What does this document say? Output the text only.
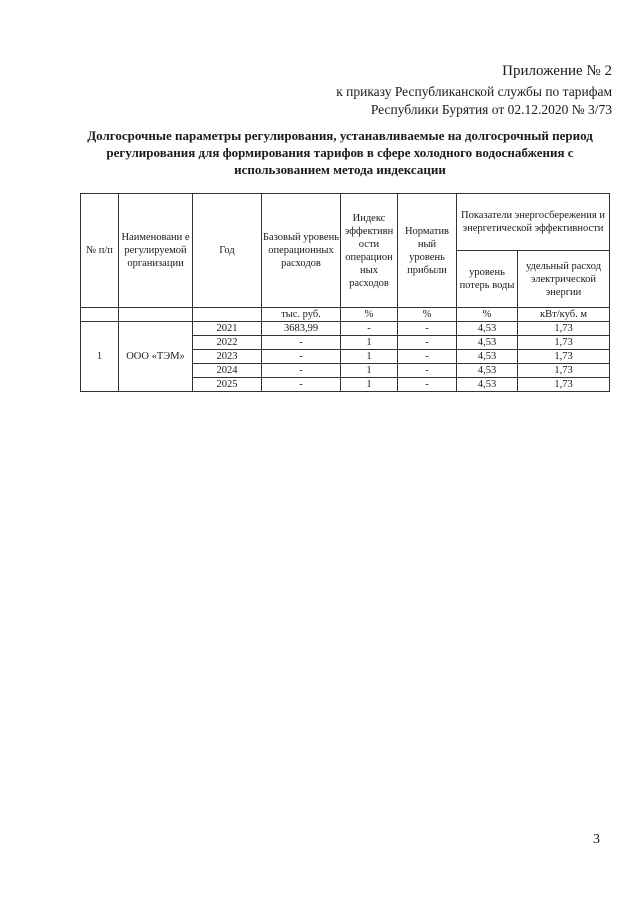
Приложение № 2
к приказу Республиканской службы по тарифам
Республики Бурятия от 02.12.2020 № 3/73
Долгосрочные параметры регулирования, устанавливаемые на долгосрочный период
регулирования для формирования тарифов в сфере холодного водоснабжения с
использованием метода индексации
№ п/п	Наименовани е регулируемой организации	Год	Базовый уровень операционных расходов	Индекс эффективн ости операцион ных расходов	Норматив ный уровень прибыли	Показатели энергосбережения и энергетической эффективности	
						уровень потерь воды	удельный расход электрической энергии
			тыс. руб.	%	%	%	кВт/куб. м
1	ООО «ТЭМ»	2021	3683,99	-	-	4,53	1,73
		2022	-	1	-	4,53	1,73
		2023	-	1	-	4,53	1,73
		2024	-	1	-	4,53	1,73
		2025	-	1	-	4,53	1,73
3
